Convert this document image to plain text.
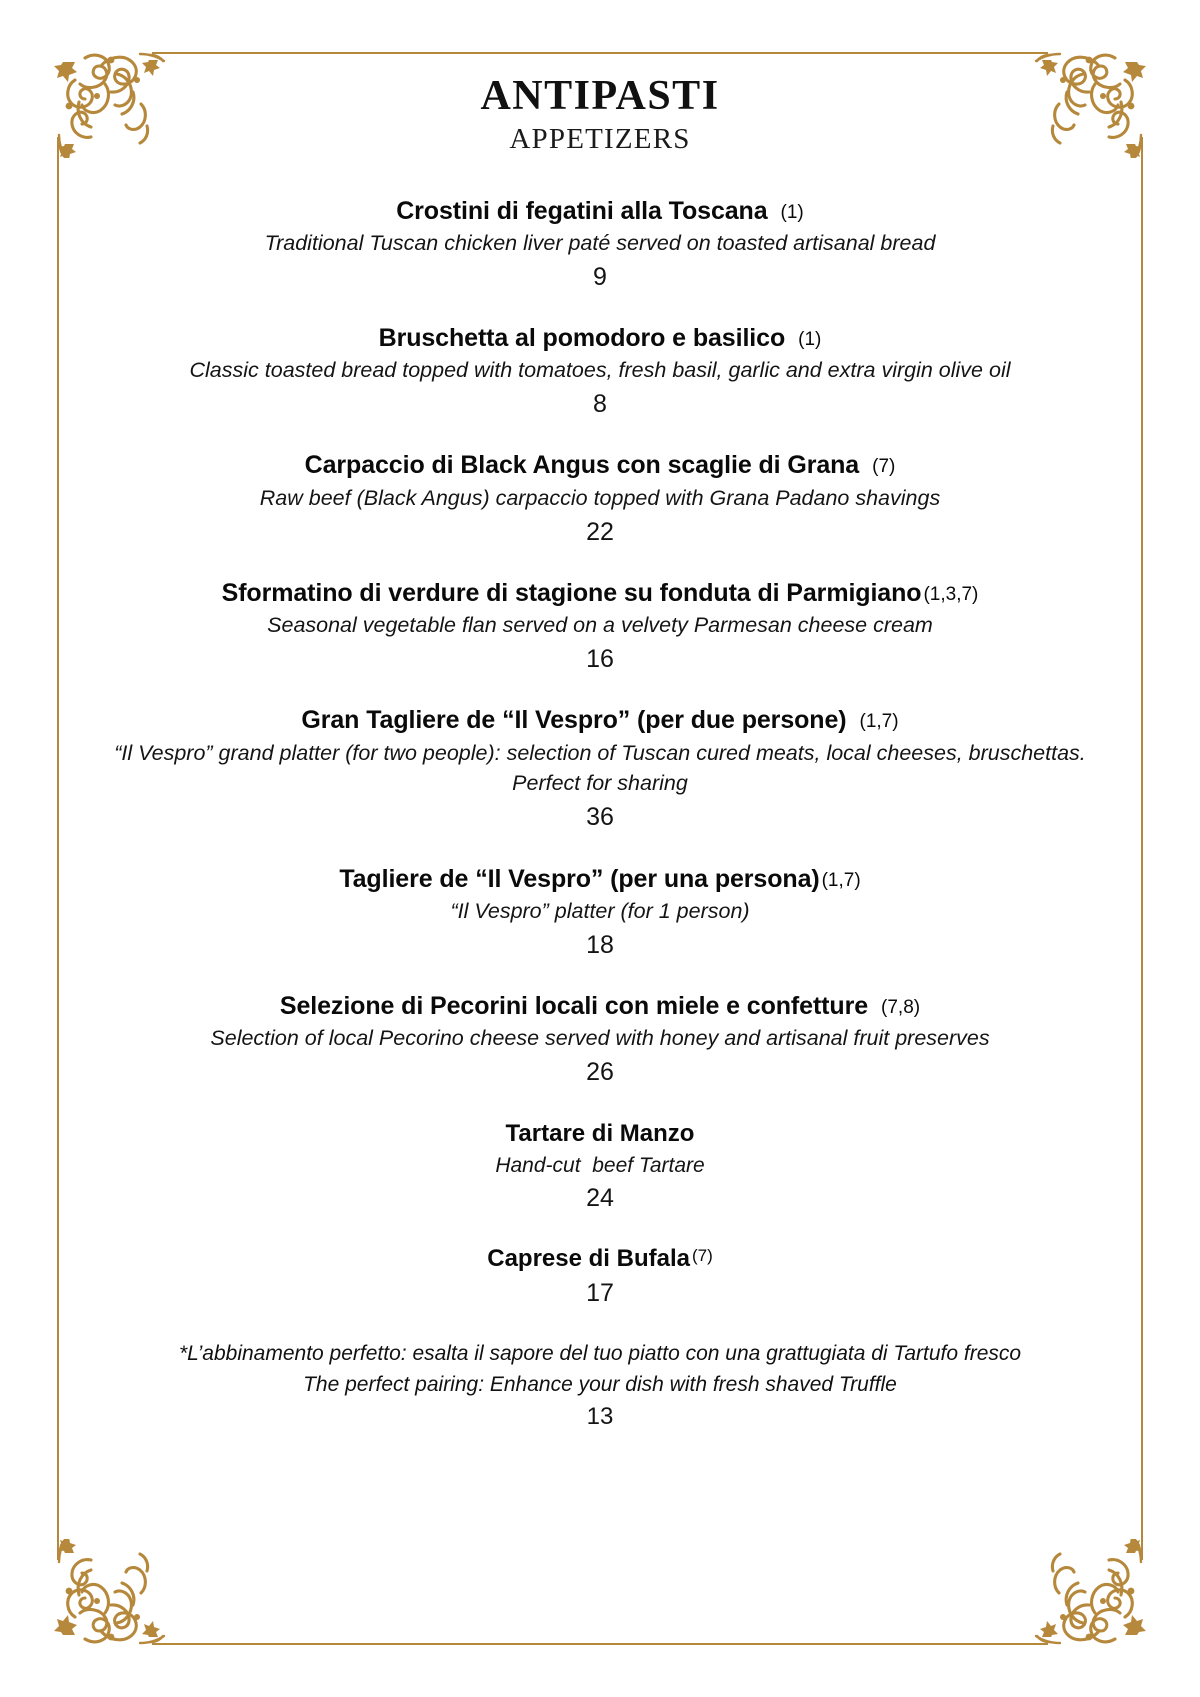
ANTIPASTI
APPETIZERS
Crostini di fegatini alla Toscana (1)
Traditional Tuscan chicken liver paté served on toasted artisanal bread
9
Bruschetta al pomodoro e basilico (1)
Classic toasted bread topped with tomatoes, fresh basil, garlic and extra virgin olive oil
8
Carpaccio di Black Angus con scaglie di Grana (7)
Raw beef (Black Angus) carpaccio topped with Grana Padano shavings
22
Sformatino di verdure di stagione su fonduta di Parmigiano (1,3,7)
Seasonal vegetable flan served on a velvety Parmesan cheese cream
16
Gran Tagliere de “Il Vespro” (per due persone) (1,7)
“Il Vespro” grand platter (for two people): selection of Tuscan cured meats, local cheeses, bruschettas.
Perfect for sharing
36
Tagliere de “Il Vespro” (per una persona) (1,7)
“Il Vespro” platter (for 1 person)
18
Selezione di Pecorini locali con miele e confetture (7,8)
Selection of local Pecorino cheese served with honey and artisanal fruit preserves
26
Tartare di Manzo
Hand-cut  beef Tartare
24
Caprese di Bufala $^{(7)}$
17
*L’abbinamento perfetto: esalta il sapore del tuo piatto con una grattugiata di Tartufo fresco
The perfect pairing: Enhance your dish with fresh shaved Truffle
13
